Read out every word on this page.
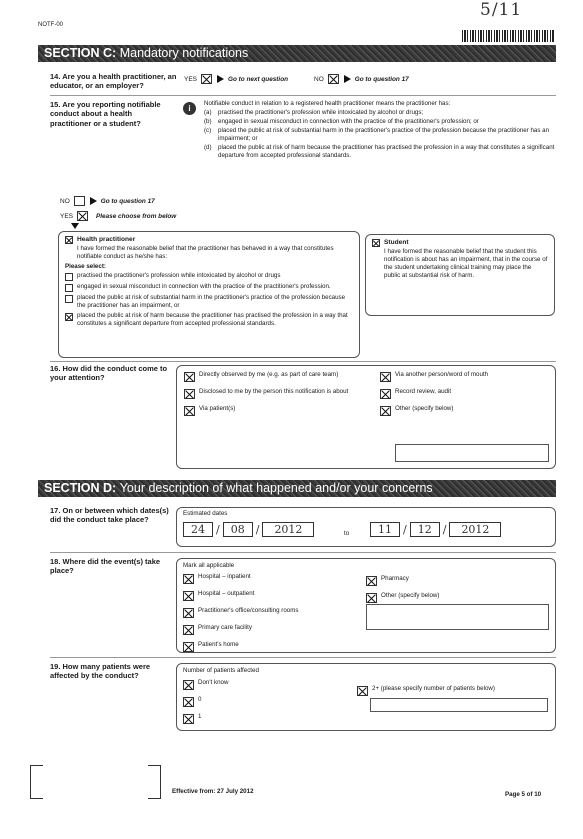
NOTF-00
5/11
SECTION C: Mandatory notifications
14. Are you a health practitioner, an educator, or an employer?
YES	Go to next question	NO	Go to question 17
15. Are you reporting notifiable conduct about a health practitioner or a student?
i
Notifiable conduct in relation to a registered health practitioner means the practitioner has:
(a)	practised the practitioner's profession while intoxicated by alcohol or drugs;
(b)	engaged in sexual misconduct in connection with the practice of the practitioner's profession; or
(c)	placed the public at risk of substantial harm in the practitioner's practice of the profession because the practitioner has an impairment; or
(d)	placed the public at risk of harm because the practitioner has practised the profession in a way that constitutes a significant departure from accepted professional standards.
NO	Go to question 17
YES	Please choose from below
Health practitioner
I have formed the reasonable belief that the practitioner has behaved in a way that constitutes notifiable conduct as he/she has:
Please select:
practised the practitioner's profession while intoxicated by alcohol or drugs
engaged in sexual misconduct in connection with the practice of the practitioner's profession.
placed the public at risk of substantial harm in the practitioner's practice of the profession because the practitioner has an impairment, or
placed the public at risk of harm because the practitioner has practised the profession in a way that constitutes a significant departure from accepted professional standards.
Student
I have formed the reasonable belief that the student this notification is about has an impairment, that in the course of the student undertaking clinical training may place the public at substantial risk of harm.
16. How did the conduct come to your attention?	Directly observed by me (e.g. as part of care team)
Disclosed to me by the person this notification is about
Via patient(s)
Via another person/word of mouth
Record review, audit
Other (specify below)
SECTION D: Your description of what happened and/or your concerns
17. On or between which dates(s) did the conduct take place?
Estimated dates
24	/	08	/	2012	to	11	/	12	/	2012
18. Where did the event(s) take place?
Mark all applicable
Hospital – inpatient
Hospital – outpatient
Practitioner's office/consulting rooms
Primary care facility
Patient's home
Pharmacy
Other (specify below)
19. How many patients were affected by the conduct?
Number of patients affected
Don't know
0
1
2+ (please specify number of patients below)
Effective from: 27 July 2012	Page 5 of 10
